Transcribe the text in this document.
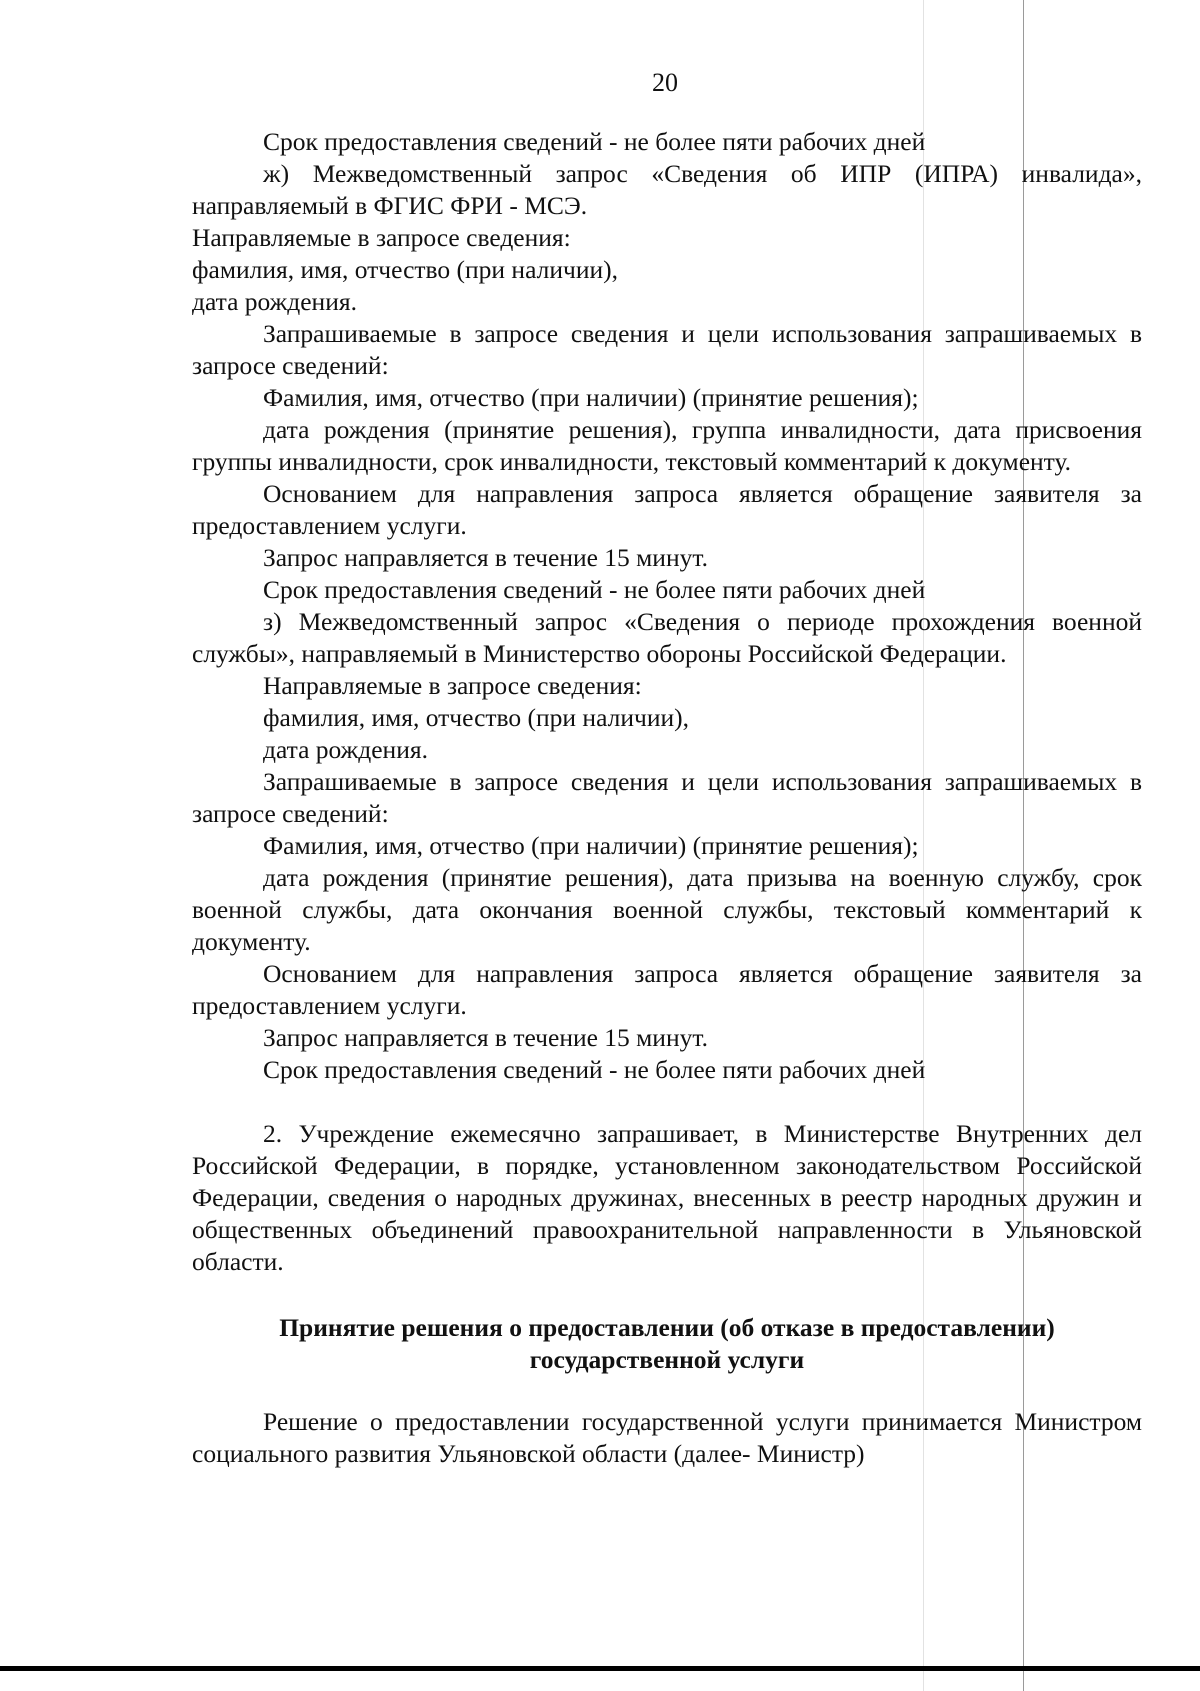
20

Срок предоставления сведений - не более пяти рабочих дней

ж) Межведомственный запрос «Сведения об ИПР (ИПРА) инвалида», направляемый в ФГИС ФРИ - МСЭ.

Направляемые в запросе сведения:

фамилия, имя, отчество (при наличии),

дата рождения.

Запрашиваемые в запросе сведения и цели использования запрашиваемых в запросе сведений:

Фамилия, имя, отчество (при наличии) (принятие решения);

дата рождения (принятие решения), группа инвалидности, дата присвоения группы инвалидности, срок инвалидности, текстовый комментарий к документу.

Основанием для направления запроса является обращение заявителя за предоставлением услуги.

Запрос направляется в течение 15 минут.

Срок предоставления сведений - не более пяти рабочих дней

з) Межведомственный запрос «Сведения о периоде прохождения военной службы», направляемый в Министерство обороны Российской Федерации.

Направляемые в запросе сведения:

фамилия, имя, отчество (при наличии),

дата рождения.

Запрашиваемые в запросе сведения и цели использования запрашиваемых в запросе сведений:

Фамилия, имя, отчество (при наличии) (принятие решения);

дата рождения (принятие решения), дата призыва на военную службу, срок военной службы, дата окончания военной службы, текстовый комментарий к документу.

Основанием для направления запроса является обращение заявителя за предоставлением услуги.

Запрос направляется в течение 15 минут.

Срок предоставления сведений - не более пяти рабочих дней

2. Учреждение ежемесячно запрашивает, в Министерстве Внутренних дел Российской Федерации, в порядке, установленном законодательством Российской Федерации, сведения о народных дружинах, внесенных в реестр народных дружин и общественных объединений правоохранительной направленности в Ульяновской области.

Принятие решения о предоставлении (об отказе в предоставлении)
государственной услуги

Решение о предоставлении государственной услуги принимается Министром социального развития Ульяновской области (далее- Министр)
